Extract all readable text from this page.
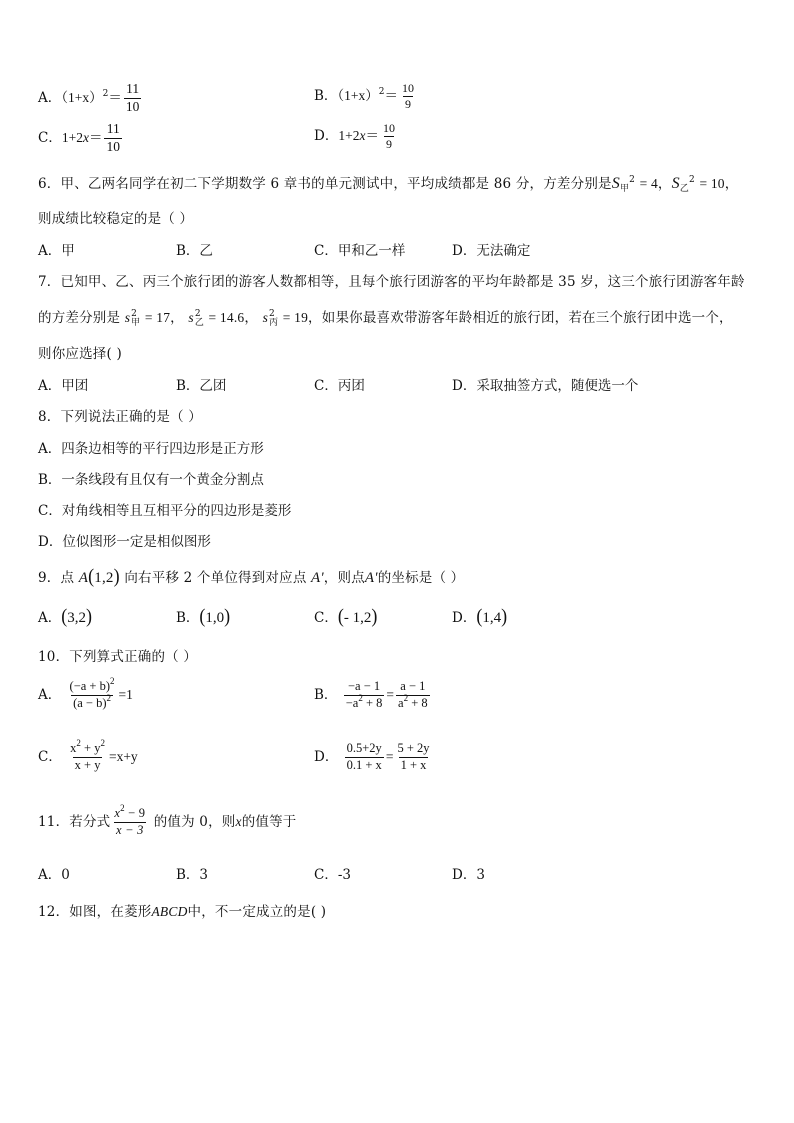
A．$(1+x)^2= \frac{11}{10}$	B．$(1+x)^2= \frac{10}{9}$
C．$1+2x= \frac{11}{10}$	D．$1+2x= \frac{10}{9}$
6．甲、乙两名同学在初二下学期数学 6 章书的单元测试中，平均成绩都是 86 分，方差分别是$S_甲^2 = 4$，$S_乙^2 = 10$，
则成绩比较稳定的是（ ）
A．甲	B．乙	C．甲和乙一样	D．无法确定
7．已知甲、乙、丙三个旅行团的游客人数都相等，且每个旅行团游客的平均年龄都是 35 岁，这三个旅行团游客年龄
的方差分别是 s 2
甲 = 17， s 2
乙 = 14.6， s 2
丙 = 19，如果你最喜欢带游客年龄相近的旅行团，若在三个旅行团中选一个，
则你应选择( )
A．甲团	B．乙团	C．丙团	D．采取抽签方式，随便选一个
8．下列说法正确的是（ ）
A．四条边相等的平行四边形是正方形
B．一条线段有且仅有一个黄金分割点
C．对角线相等且互相平分的四边形是菱形
D．位似图形一定是相似图形
9．点 A(1,2) 向右平移 2 个单位得到对应点 A'，则点A'的坐标是（ ）
A．(3,2)	B．(1,0)	C．(- 1,2)	D．(1,4)
10．下列算式正确的（ ）
A． $\frac{(-a + b)^2}{(a - b)^2} =1$	B． $\frac{-a - 1}{-a^2 + 8} = \frac{a - 1}{a^2 + 8}$
C． $\frac{x^2 + y^2}{x + y} =x+y$	D． $\frac{0.5+2y}{0.1 + x} = \frac{5 + 2y}{1 + x}$
11．若分式 $\frac{x^2 - 9}{x - 3}$ 的值为 0，则x的值等于
A．0	B．3	C．-3	D．3
12．如图，在菱形ABCD中，不一定成立的是( )
